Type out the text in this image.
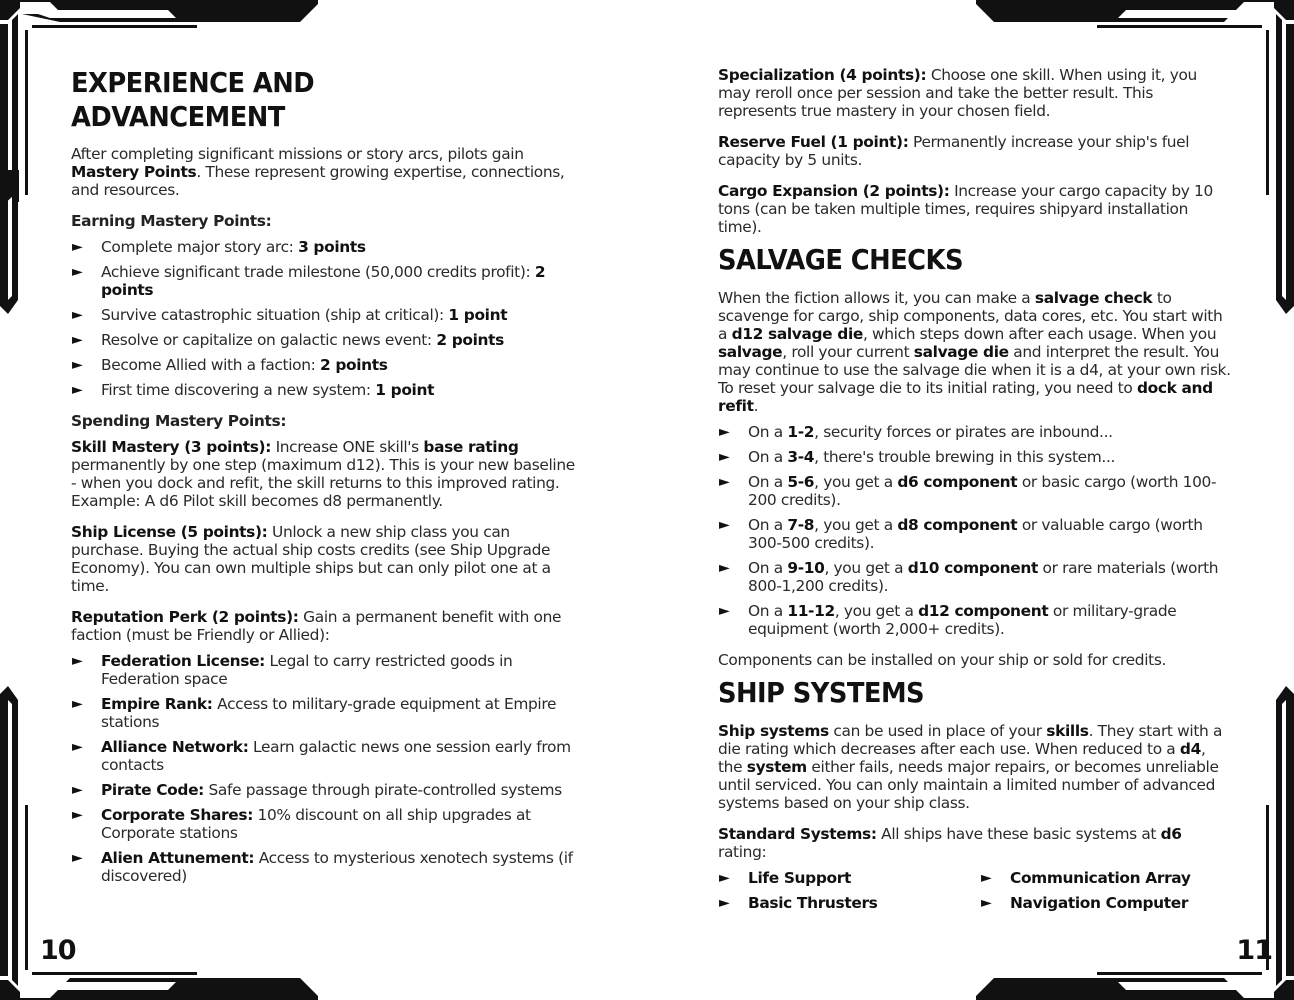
EXPERIENCE AND ADVANCEMENT

After completing significant missions or story arcs, pilots gain Mastery Points. These represent growing expertise, connections, and resources.

Earning Mastery Points:

► Complete major story arc: 3 points
► Achieve significant trade milestone (50,000 credits profit): 2 points
► Survive catastrophic situation (ship at critical): 1 point
► Resolve or capitalize on galactic news event: 2 points
► Become Allied with a faction: 2 points
► First time discovering a new system: 1 point

Spending Mastery Points:

Skill Mastery (3 points): Increase ONE skill's base rating permanently by one step (maximum d12). This is your new baseline - when you dock and refit, the skill returns to this improved rating. Example: A d6 Pilot skill becomes d8 permanently.

Ship License (5 points): Unlock a new ship class you can purchase. Buying the actual ship costs credits (see Ship Upgrade Economy). You can own multiple ships but can only pilot one at a time.

Reputation Perk (2 points): Gain a permanent benefit with one faction (must be Friendly or Allied):

► Federation License: Legal to carry restricted goods in Federation space
► Empire Rank: Access to military-grade equipment at Empire stations
► Alliance Network: Learn galactic news one session early from contacts
► Pirate Code: Safe passage through pirate-controlled systems
► Corporate Shares: 10% discount on all ship upgrades at Corporate stations
► Alien Attunement: Access to mysterious xenotech systems (if discovered)
10

Specialization (4 points): Choose one skill. When using it, you may reroll once per session and take the better result. This represents true mastery in your chosen field.

Reserve Fuel (1 point): Permanently increase your ship's fuel capacity by 5 units.

Cargo Expansion (2 points): Increase your cargo capacity by 10 tons (can be taken multiple times, requires shipyard installation time).

SALVAGE CHECKS

When the fiction allows it, you can make a salvage check to scavenge for cargo, ship components, data cores, etc. You start with a d12 salvage die, which steps down after each usage. When you salvage, roll your current salvage die and interpret the result. You may continue to use the salvage die when it is a d4, at your own risk. To reset your salvage die to its initial rating, you need to dock and refit.

► On a 1-2, security forces or pirates are inbound...
► On a 3-4, there's trouble brewing in this system...
► On a 5-6, you get a d6 component or basic cargo (worth 100-200 credits).
► On a 7-8, you get a d8 component or valuable cargo (worth 300-500 credits).
► On a 9-10, you get a d10 component or rare materials (worth 800-1,200 credits).
► On a 11-12, you get a d12 component or military-grade equipment (worth 2,000+ credits).

Components can be installed on your ship or sold for credits.

SHIP SYSTEMS

Ship systems can be used in place of your skills. They start with a die rating which decreases after each use. When reduced to a d4, the system either fails, needs major repairs, or becomes unreliable until serviced. You can only maintain a limited number of advanced systems based on your ship class.

Standard Systems: All ships have these basic systems at d6 rating:

► Life Support	► Communication Array
► Basic Thrusters	► Navigation Computer
11
